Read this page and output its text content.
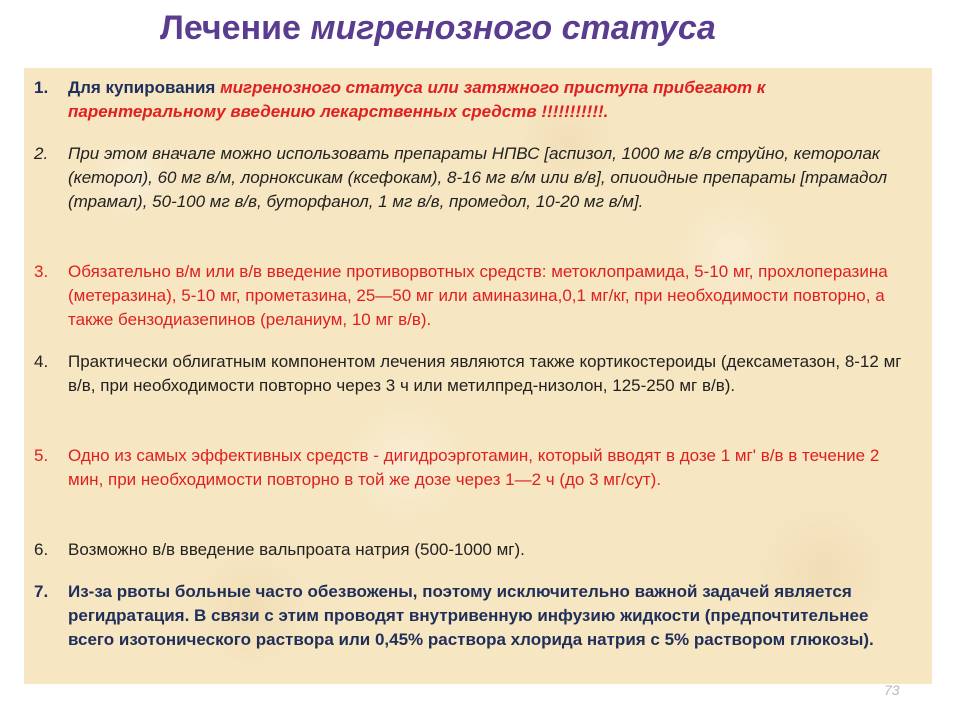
Лечение мигренозного статуса
1.	Для купирования мигренозного статуса или затяжного приступа прибегают к парентеральному введению лекарственных средств !!!!!!!!!!!.
2.	При этом вначале можно использовать препараты НПВС [аспизол, 1000 мг в/в струйно, кеторолак (кеторол), 60 мг в/м, лорноксикам (ксефокам), 8-16 мг в/м или в/в], опиоидные препараты [трамадол (трамал), 50-100 мг в/в, буторфанол, 1 мг в/в, промедол, 10-20 мг в/м].
3.	Обязательно в/м или в/в введение противорвотных средств: метоклопрамида, 5-10 мг, прохлоперазина (метеразина), 5-10 мг, прометазина, 25—50 мг или аминазина,0,1 мг/кг, при необходимости повторно, а также бензодиазепинов (реланиум, 10 мг в/в).
4.	Практически облигатным компонентом лечения являются также кортикостероиды (дексаметазон, 8-12 мг в/в, при необходимости повторно через 3 ч или метилпред-низолон, 125-250 мг в/в).
5.	Одно из самых эффективных средств - дигидроэрготамин, который вводят в дозе 1 мг' в/в в течение 2 мин, при необходимости повторно в той же дозе через 1—2 ч (до 3 мг/сут).
6.	Возможно в/в введение вальпроата натрия (500-1000 мг).
7.	Из-за рвоты больные часто обезвожены, поэтому исключительно важной задачей является регидратация. В связи с этим проводят внутривенную инфузию жидкости (предпочтительнее всего изотонического раствора или 0,45% раствора хлорида натрия с 5% раствором глюкозы).
73
